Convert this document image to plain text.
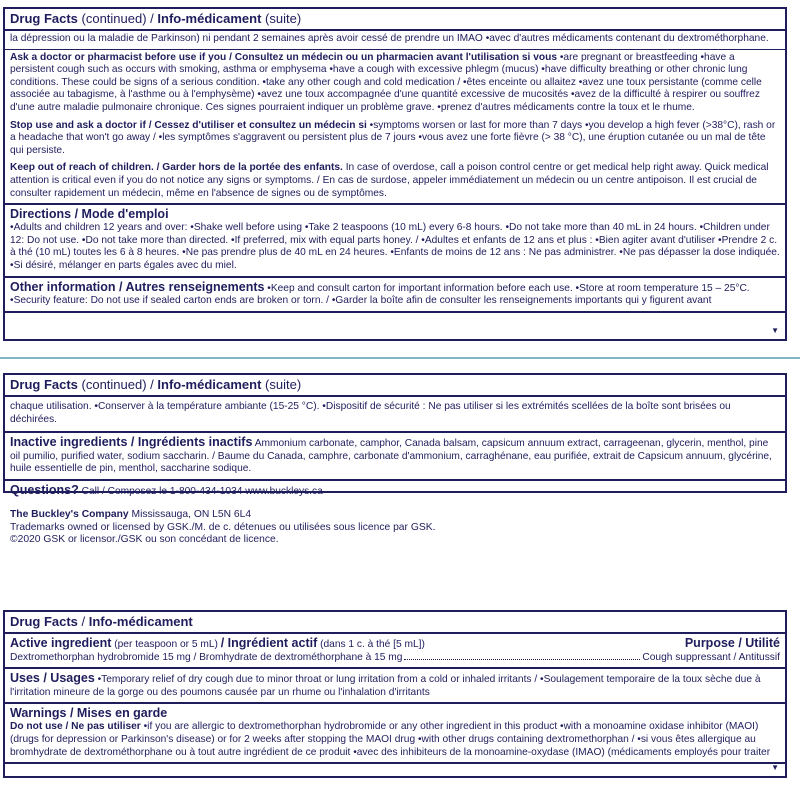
Drug Facts (continued) / Info-médicament (suite)
la dépression ou la maladie de Parkinson) ni pendant 2 semaines après avoir cessé de prendre un IMAO •avec d'autres médicaments contenant du dextrométhorphane.

Ask a doctor or pharmacist before use if you / Consultez un médecin ou un pharmacien avant l'utilisation si vous •are pregnant or breastfeeding •have a persistent cough such as occurs with smoking, asthma or emphysema •have a cough with excessive phlegm (mucus) •have difficulty breathing or other chronic lung conditions. These could be signs of a serious condition. •take any other cough and cold medication / •êtes enceinte ou allaitez •avez une toux persistante (comme celle associée au tabagisme, à l'asthme ou à l'emphysème) •avez une toux accompagnée d'une quantité excessive de mucosités •avez de la difficulté à respirer ou souffrez d'une autre maladie pulmonaire chronique. Ces signes pourraient indiquer un problème grave. •prenez d'autres médicaments contre la toux et le rhume.

Stop use and ask a doctor if / Cessez d'utiliser et consultez un médecin si •symptoms worsen or last for more than 7 days •you develop a high fever (>38°C), rash or a headache that won't go away / •les symptômes s'aggravent ou persistent plus de 7 jours •vous avez une forte fièvre (> 38 °C), une éruption cutanée ou un mal de tête qui persiste.

Keep out of reach of children. / Garder hors de la portée des enfants. In case of overdose, call a poison control centre or get medical help right away. Quick medical attention is critical even if you do not notice any signs or symptoms. / En cas de surdose, appeler immédiatement un médecin ou un centre antipoison. Il est crucial de consulter rapidement un médecin, même en l'absence de signes ou de symptômes.

Directions / Mode d'emploi
•Adults and children 12 years and over: •Shake well before using •Take 2 teaspoons (10 mL) every 6-8 hours. •Do not take more than 40 mL in 24 hours. •Children under 12: Do not use. •Do not take more than directed. •If preferred, mix with equal parts honey. / •Adultes et enfants de 12 ans et plus : •Bien agiter avant d'utiliser •Prendre 2 c. à thé (10 mL) toutes les 6 à 8 heures. •Ne pas prendre plus de 40 mL en 24 heures. •Enfants de moins de 12 ans : Ne pas administrer. •Ne pas dépasser la dose indiquée. •Si désiré, mélanger en parts égales avec du miel.
Other information / Autres renseignements •Keep and consult carton for important information before each use. •Store at room temperature 15 – 25°C. •Security feature: Do not use if sealed carton ends are broken or torn. / •Garder la boîte afin de consulter les renseignements importants qui y figurent avant
▼
Drug Facts (continued) / Info-médicament (suite)
chaque utilisation. •Conserver à la température ambiante (15-25 °C). •Dispositif de sécurité : Ne pas utiliser si les extrémités scellées de la boîte sont brisées ou déchirées.
Inactive ingredients / Ingrédients inactifs Ammonium carbonate, camphor, Canada balsam, capsicum annuum extract, carrageenan, glycerin, menthol, pine oil pumilio, purified water, sodium saccharin. / Baume du Canada, camphre, carbonate d'ammonium, carraghénane, eau purifiée, extrait de Capsicum annuum, glycérine, huile essentielle de pin, menthol, saccharine sodique.
Questions? Call / Composez le 1-800-434-1034 www.buckleys.ca
The Buckley's Company Mississauga, ON L5N 6L4
Trademarks owned or licensed by GSK./M. de c. détenues ou utilisées sous licence par GSK.
©2020 GSK or licensor./GSK ou son concédant de licence.
Drug Facts / Info-médicament
Active ingredient (per teaspoon or 5 mL) / Ingrédient actif (dans 1 c. à thé [5 mL])	Purpose / Utilité
Dextromethorphan hydrobromide 15 mg / Bromhydrate de dextrométhorphane à 15 mg	Cough suppressant / Antitussif
Uses / Usages •Temporary relief of dry cough due to minor throat or lung irritation from a cold or inhaled irritants / •Soulagement temporaire de la toux sèche due à l'irritation mineure de la gorge ou des poumons causée par un rhume ou l'inhalation d'irritants
Warnings / Mises en garde
Do not use / Ne pas utiliser •if you are allergic to dextromethorphan hydrobromide or any other ingredient in this product •with a monoamine oxidase inhibitor (MAOI) (drugs for depression or Parkinson's disease) or for 2 weeks after stopping the MAOI drug •with other drugs containing dextromethorphan / •si vous êtes allergique au bromhydrate de dextrométhorphane ou à tout autre ingrédient de ce produit •avec des inhibiteurs de la monoamine-oxydase (IMAO) (médicaments employés pour traiter
▼
